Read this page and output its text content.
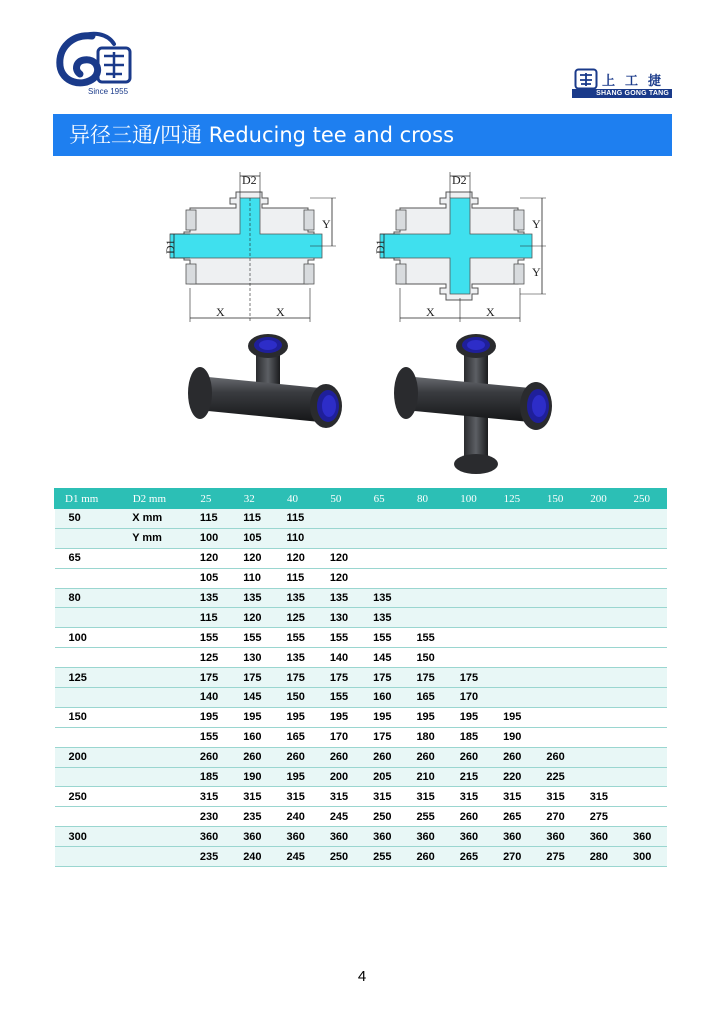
Since 1955
上工捷
SHANG GONG TANG
异径三通/四通 Reducing tee and cross
D2
D1
Y
X	X
D2
D1
Y
Y
X	X
D1 mm	D2 mm	25	32	40	50	65	80	100	125	150	200	250
50	X mm	115	115	115								
	Y mm	100	105	110								
65		120	120	120	120							
		105	110	115	120							
80		135	135	135	135	135						
		115	120	125	130	135						
100		155	155	155	155	155	155					
		125	130	135	140	145	150					
125		175	175	175	175	175	175	175				
		140	145	150	155	160	165	170				
150		195	195	195	195	195	195	195	195			
		155	160	165	170	175	180	185	190			
200		260	260	260	260	260	260	260	260	260		
		185	190	195	200	205	210	215	220	225		
250		315	315	315	315	315	315	315	315	315	315	
		230	235	240	245	250	255	260	265	270	275	
300		360	360	360	360	360	360	360	360	360	360	360
		235	240	245	250	255	260	265	270	275	280	300
4
